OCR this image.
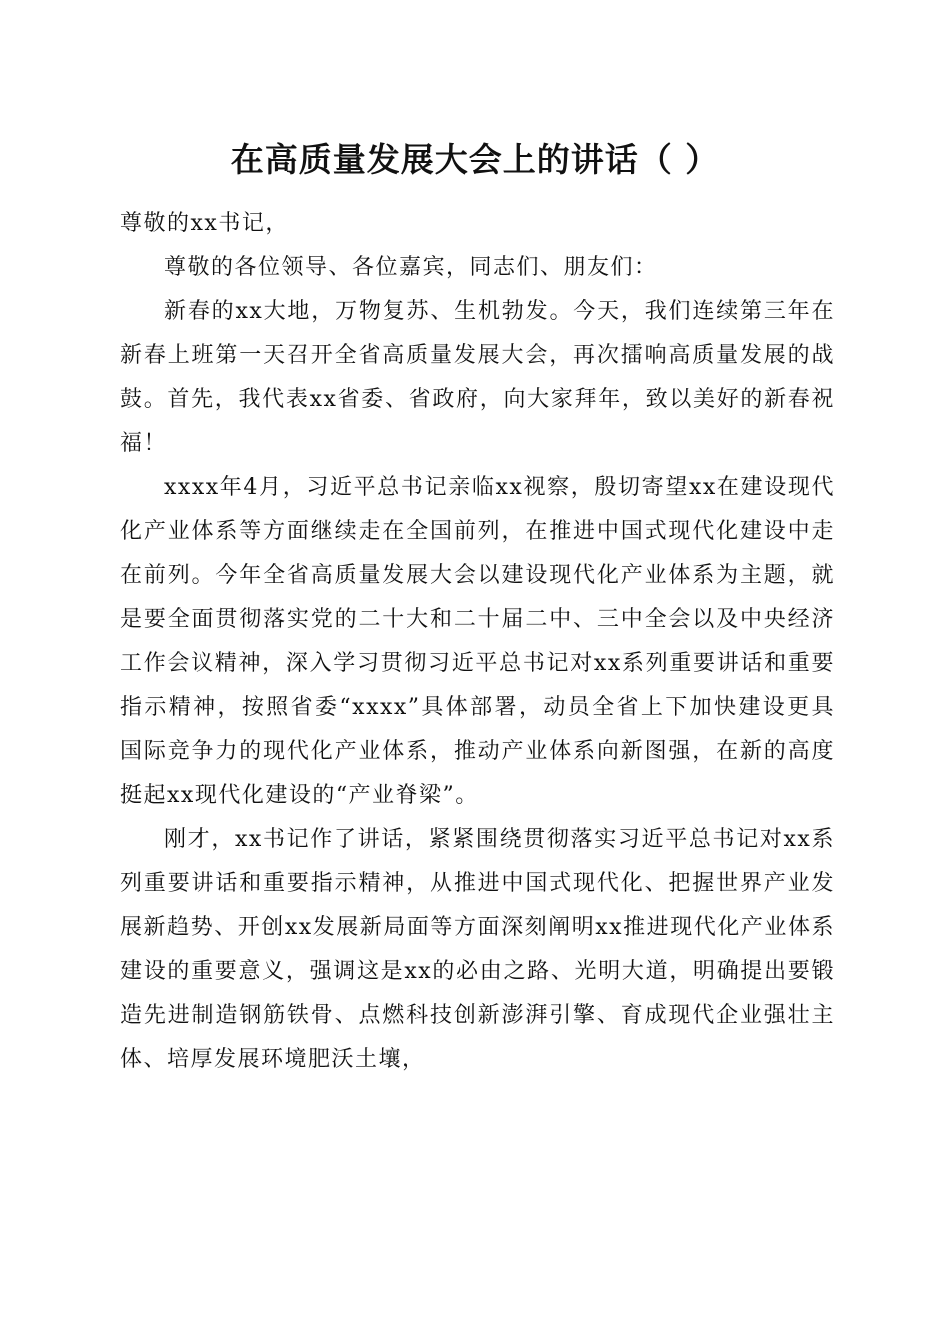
在高质量发展大会上的讲话（ ）

尊敬的xx书记，

尊敬的各位领导、各位嘉宾，同志们、朋友们：

新春的xx大地，万物复苏、生机勃发。今天，我们连续第三年在新春上班第一天召开全省高质量发展大会，再次擂响高质量发展的战鼓。首先，我代表xx省委、省政府，向大家拜年，致以美好的新春祝福！

xxxx年4月，习近平总书记亲临xx视察，殷切寄望xx在建设现代化产业体系等方面继续走在全国前列，在推进中国式现代化建设中走在前列。今年全省高质量发展大会以建设现代化产业体系为主题，就是要全面贯彻落实党的二十大和二十届二中、三中全会以及中央经济工作会议精神，深入学习贯彻习近平总书记对xx系列重要讲话和重要指示精神，按照省委“xxxx”具体部署，动员全省上下加快建设更具国际竞争力的现代化产业体系，推动产业体系向新图强，在新的高度挺起xx现代化建设的“产业脊梁”。

刚才，xx书记作了讲话，紧紧围绕贯彻落实习近平总书记对xx系列重要讲话和重要指示精神，从推进中国式现代化、把握世界产业发展新趋势、开创xx发展新局面等方面深刻阐明xx推进现代化产业体系建设的重要意义，强调这是xx的必由之路、光明大道，明确提出要锻造先进制造钢筋铁骨、点燃科技创新澎湃引擎、育成现代企业强壮主体、培厚发展环境肥沃土壤，
